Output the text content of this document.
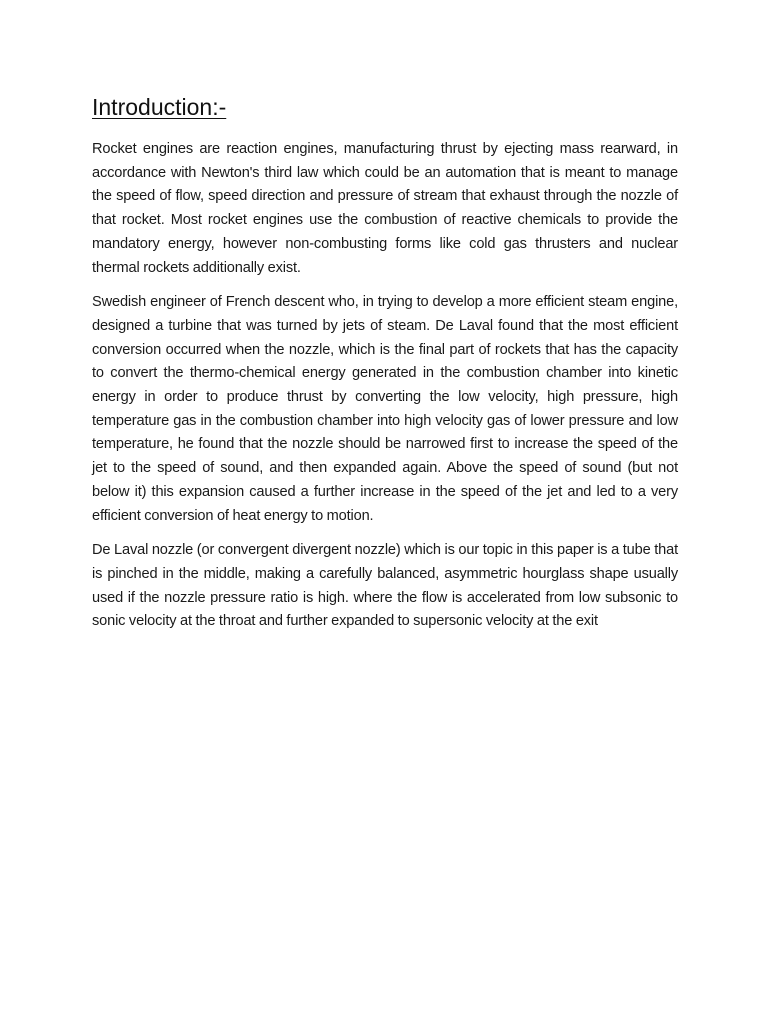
Introduction:-

Rocket engines are reaction engines, manufacturing thrust by ejecting mass rearward, in accordance with Newton's third law which could be an automation that is meant to manage the speed of flow, speed direction and pressure of stream that exhaust through the nozzle of that rocket. Most rocket engines use the combustion of reactive chemicals to provide the mandatory energy, however non-combusting forms like cold gas thrusters and nuclear thermal rockets additionally exist.

Swedish engineer of French descent who, in trying to develop a more efficient steam engine, designed a turbine that was turned by jets of steam. De Laval found that the most efficient conversion occurred when the nozzle, which is the final part of rockets that has the capacity to convert the thermo-chemical energy generated in the combustion chamber into kinetic energy in order to produce thrust by converting the low velocity, high pressure, high temperature gas in the combustion chamber into high velocity gas of lower pressure and low temperature, he found that the nozzle should be narrowed first to increase the speed of the jet to the speed of sound, and then expanded again. Above the speed of sound (but not below it) this expansion caused a further increase in the speed of the jet and led to a very efficient conversion of heat energy to motion.

De Laval nozzle (or convergent divergent nozzle) which is our topic in this paper is a tube that is pinched in the middle, making a carefully balanced, asymmetric hourglass shape usually used if the nozzle pressure ratio is high. where the flow is accelerated from low subsonic to sonic velocity at the throat and further expanded to supersonic velocity at the exit
